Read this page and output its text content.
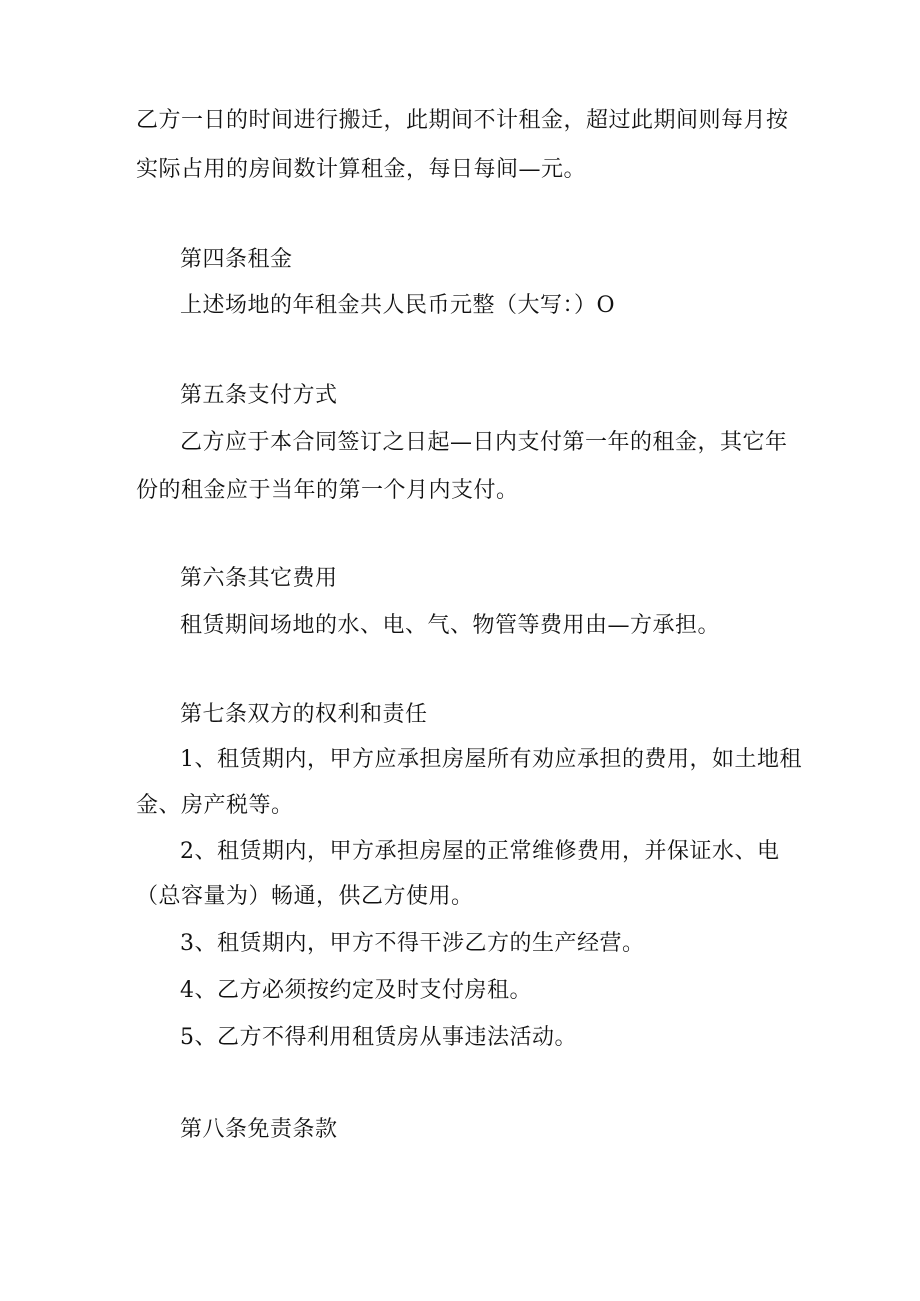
乙方一日的时间进行搬迁，此期间不计租金，超过此期间则每月按
实际占用的房间数计算租金，每日每间—元。
第四条租金
上述场地的年租金共人民币元整（大写：）O
第五条支付方式
乙方应于本合同签订之日起—日内支付第一年的租金，其它年
份的租金应于当年的第一个月内支付。
第六条其它费用
租赁期间场地的水、电、气、物管等费用由—方承担。
第七条双方的权利和责任
1、租赁期内，甲方应承担房屋所有劝应承担的费用，如土地租
金、房产税等。
2、租赁期内，甲方承担房屋的正常维修费用，并保证水、电
（总容量为）畅通，供乙方使用。
3、租赁期内，甲方不得干涉乙方的生产经营。
4、乙方必须按约定及时支付房租。
5、乙方不得利用租赁房从事违法活动。
第八条免责条款
